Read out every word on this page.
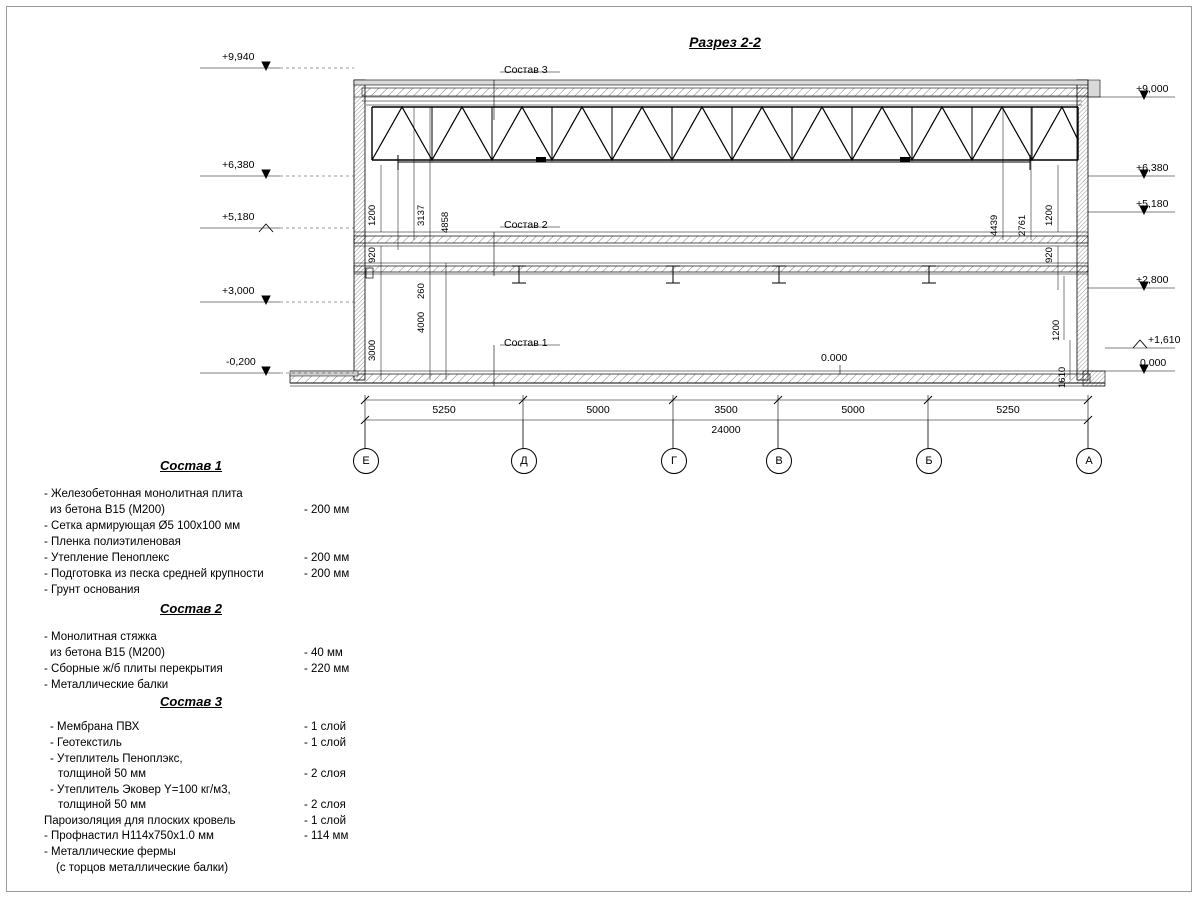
Разрез 2-2
Состав 3
Состав 2
Состав 1
0.000
+9,940
+6,380
+5,180
+3,000
-0,200
+9,000
+6,380
+5,180
+2,800
+1,610
0,000
1200	3137 4858
920
260
4000
3000
4439 2761 1200
920
1200
1610
5250	5000	3500	5000	5250
24000
Е	Д	Г	В	Б	А
Состав 1
- Железобетонная монолитная плита
из бетона В15 (М200)	- 200 мм
- Сетка армирующая Ø5 100х100 мм
- Пленка полиэтиленовая
- Утепление Пеноплекс	- 200 мм
- Подготовка из песка средней крупности	- 200 мм
- Грунт основания
Состав 2
- Монолитная стяжка
из бетона В15 (М200)	- 40 мм
- Сборные ж/б плиты перекрытия	- 220 мм
- Металлические балки
Состав 3
- Мембрана ПВХ	- 1 слой
- Геотекстиль	- 1 слой
- Утеплитель Пеноплэкс,
толщиной 50 мм	- 2 слоя
- Утеплитель Эковер Y=100 кг/м3,
толщиной 50 мм	- 2 слоя
Пароизоляция для плоских кровель	- 1 слой
- Профнастил Н114х750х1.0 мм	- 114 мм
- Металлические фермы
(с торцов металлические балки)
